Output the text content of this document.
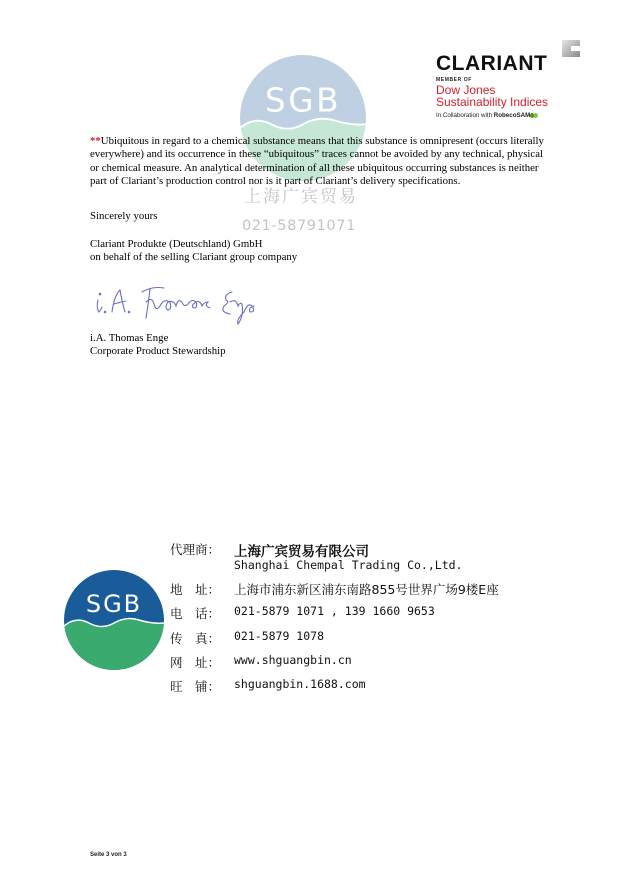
CLARIANT
MEMBER OF
Dow Jones
Sustainability Indices
In Collaboration with RobecoSAM
SGB
上海广宾贸易
021-58791071
**Ubiquitous in regard to a chemical substance means that this substance is omnipresent (occurs literally everywhere) and its occurrence in these “ubiquitous” traces cannot be avoided by any technical, physical or chemical measure. An analytical determination of all these ubiquitous occurring substances is neither part of Clariant’s production control nor is it part of Clariant’s delivery specifications.
Sincerely yours
Clariant Produkte (Deutschland) GmbH
on behalf of the selling Clariant group company
i.A. Thomas Enge
Corporate Product Stewardship
SGB
代理商： 上海广宾贸易有限公司
Shanghai Chempal Trading Co.,Ltd.
地　址： 上海市浦东新区浦东南路855号世界广场9楼E座
电　话： 021-5879 1071 , 139 1660 9653
传　真： 021-5879 1078
网　址： www.shguangbin.cn
旺　铺： shguangbin.1688.com
Seite 3 von 3
